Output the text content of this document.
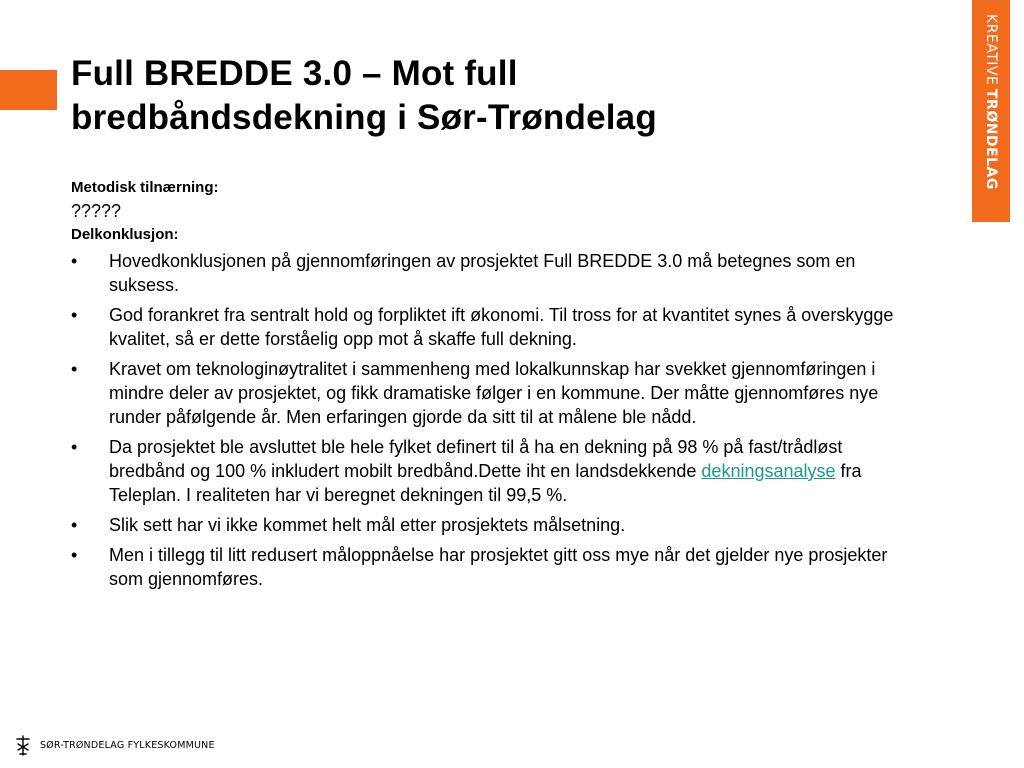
Full BREDDE 3.0 – Mot full
bredbåndsdekning i Sør-Trøndelag
KREATIVE
TRØNDELAG

Metodisk tilnærning:

?????

Delkonklusjon:

• Hovedkonklusjonen på gjennomføringen av prosjektet Full BREDDE 3.0 må betegnes som en suksess.
• God forankret fra sentralt hold og forpliktet ift økonomi. Til tross for at kvantitet synes å overskygge kvalitet, så er dette forståelig opp mot å skaffe full dekning.
• Kravet om teknologinøytralitet i sammenheng med lokalkunnskap har svekket gjennomføringen i mindre deler av prosjektet, og fikk dramatiske følger i en kommune. Der måtte gjennomføres nye runder påfølgende år. Men erfaringen gjorde da sitt til at målene ble nådd.
• Da prosjektet ble avsluttet ble hele fylket definert til å ha en dekning på 98 % på fast/trådløst bredbånd og 100 % inkludert mobilt bredbånd.Dette iht en landsdekkende dekningsanalyse fra Teleplan. I realiteten har vi beregnet dekningen til 99,5 %.
• Slik sett har vi ikke kommet helt mål etter prosjektets målsetning.
• Men i tillegg til litt redusert måloppnåelse har prosjektet gitt oss mye når det gjelder nye prosjekter som gjennomføres.
SØR-TRØNDELAG FYLKESKOMMUNE
